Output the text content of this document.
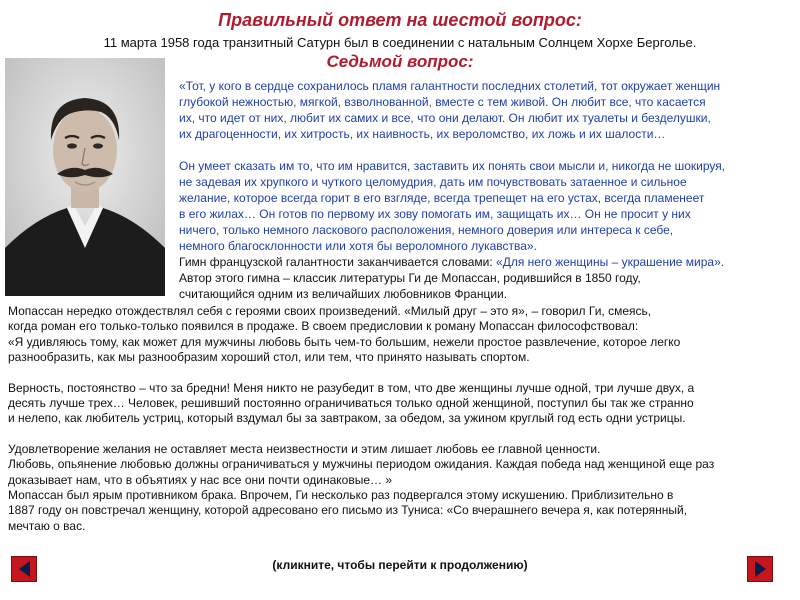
Правильный ответ на шестой вопрос:
11 марта 1958 года транзитный Сатурн был в соединении с натальным Солнцем Хорхе Берголье.
Седьмой вопрос:

«Тот, у кого в сердце сохранилось пламя галантности последних столетий, тот окружает женщин

глубокой нежностью, мягкой, взволнованной, вместе с тем живой. Он любит все, что касается

их, что идет от них, любит их самих и все, что они делают. Он любит их туалеты и безделушки,

их драгоценности, их хитрость, их наивность, их вероломство, их ложь и их шалости…

Он умеет сказать им то, что им нравится, заставить их понять свои мысли и, никогда не шокируя,

не задевая их хрупкого и чуткого целомудрия, дать им почувствовать затаенное и сильное

желание, которое всегда горит в его взгляде, всегда трепещет на его устах, всегда пламенеет

в его жилах… Он готов по первому их зову помогать им, защищать их… Он не просит у них

ничего, только немного ласкового расположения, немного доверия или интереса к себе,

немного благосклонности или хотя бы вероломного лукавства».

Гимн французской галантности заканчивается словами: «Для него женщины – украшение мира».
Автор этого гимна – классик литературы Ги де Мопассан, родившийся в 1850 году,
считающийся одним из величайших любовников Франции.

Мопассан нередко отождествлял себя с героями своих произведений. «Милый друг – это я», – говорил Ги, смеясь,

когда роман его только-только появился в продаже. В своем предисловии к роману Мопассан философствовал:

«Я удивляюсь тому, как может для мужчины любовь быть чем-то большим, нежели простое развлечение, которое легко

разнообразить, как мы разнообразим хороший стол, или тем, что принято называть спортом.

Верность, постоянство – что за бредни! Меня никто не разубедит в том, что две женщины лучше одной, три лучше двух, а

десять лучше трех… Человек, решивший постоянно ограничиваться только одной женщиной, поступил бы так же странно

и нелепо, как любитель устриц, который вздумал бы за завтраком, за обедом, за ужином круглый год есть одни устрицы.

Удовлетворение желания не оставляет места неизвестности и этим лишает любовь ее главной ценности.

Любовь, опьянение любовью должны ограничиваться у мужчины периодом ожидания. Каждая победа над женщиной еще раз

доказывает нам, что в объятиях у нас все они почти одинаковые… »

Мопассан был ярым противником брака. Впрочем, Ги несколько раз подвергался этому искушению. Приблизительно в

1887 году он повстречал женщину, которой адресовано его письмо из Туниса: «Со вчерашнего вечера я, как потерянный,

мечтаю о вас.

(кликните, чтобы перейти к продолжению)
